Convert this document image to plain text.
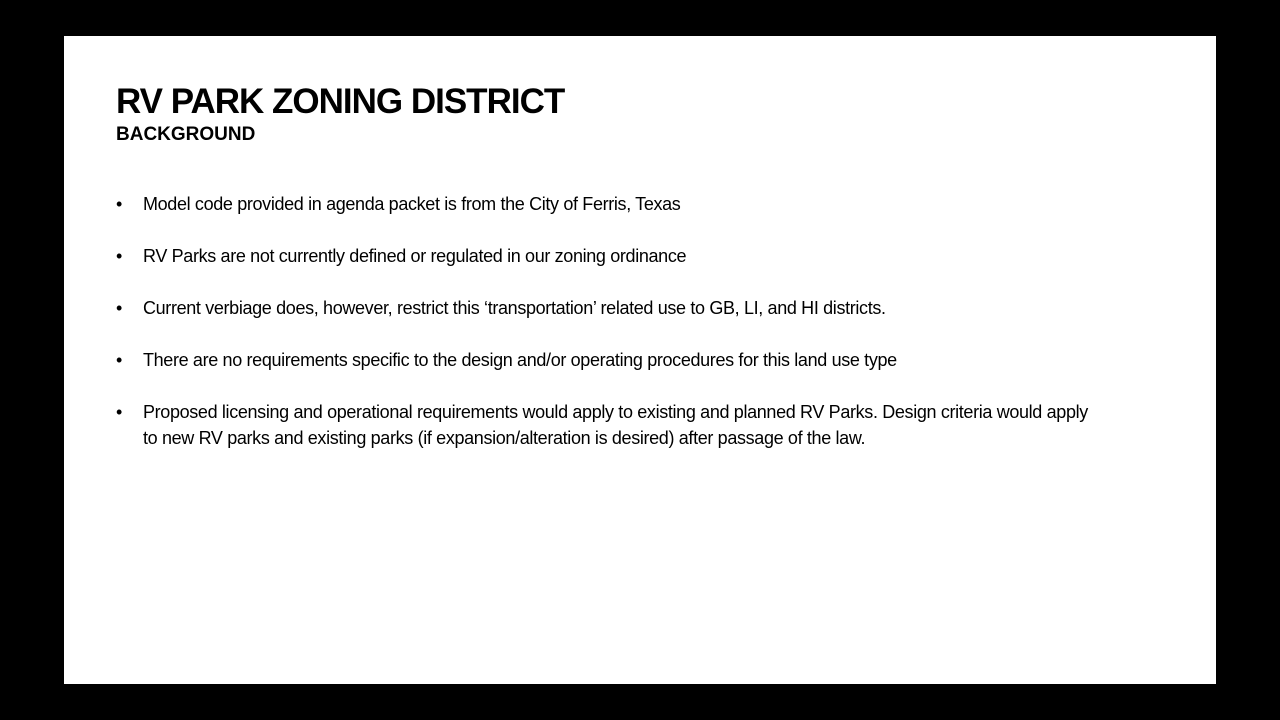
RV PARK ZONING DISTRICT
BACKGROUND
• Model code provided in agenda packet is from the City of Ferris, Texas
• RV Parks are not currently defined or regulated in our zoning ordinance
• Current verbiage does, however, restrict this ‘transportation’ related use to GB, LI, and HI districts.
• There are no requirements specific to the design and/or operating procedures for this land use type
• Proposed licensing and operational requirements would apply to existing and planned RV Parks. Design criteria would apply to new RV parks and existing parks (if expansion/alteration is desired) after passage of the law.
